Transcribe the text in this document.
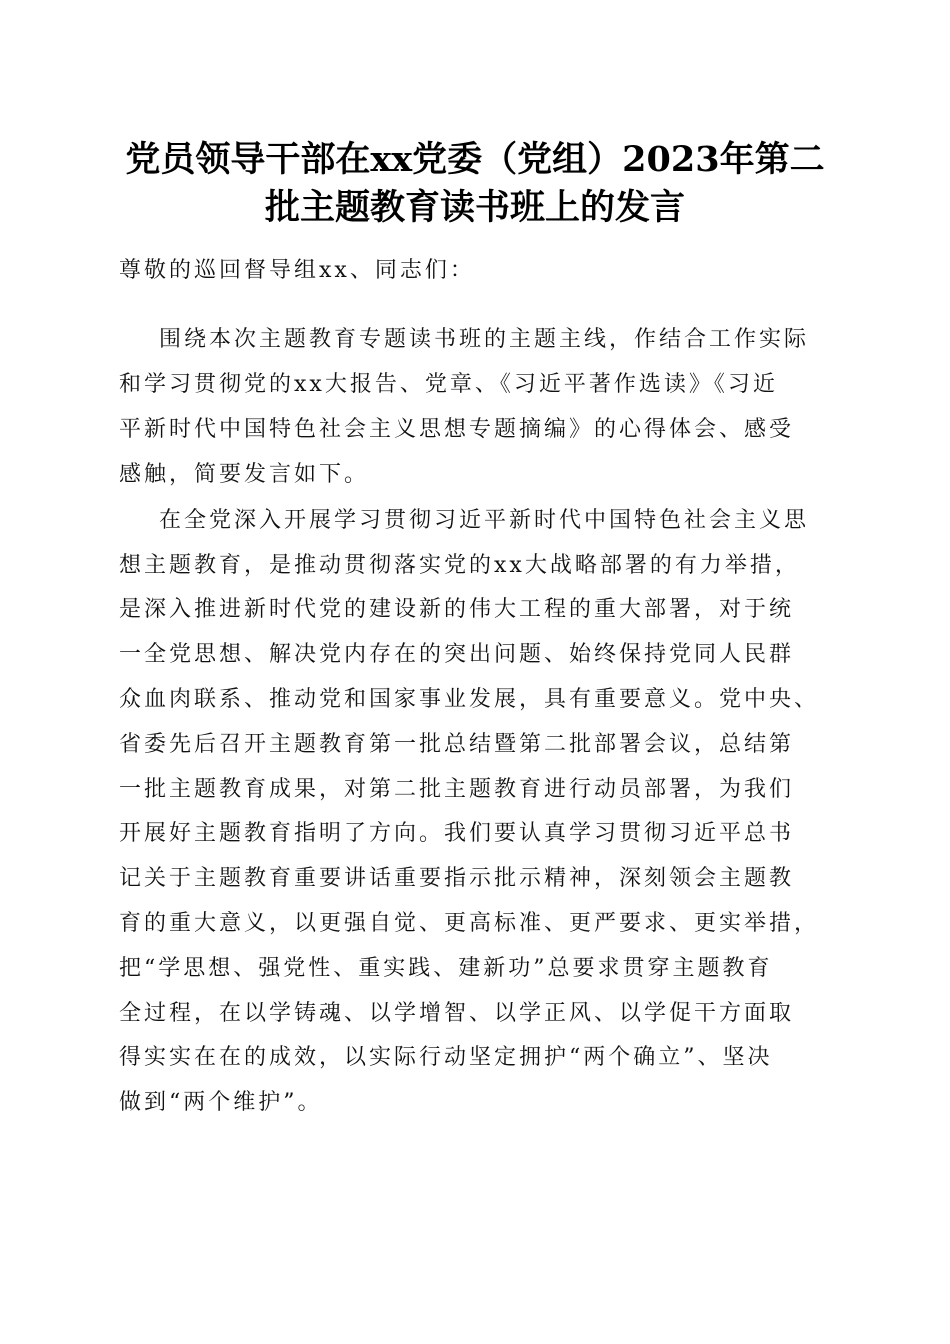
党员领导干部在xx党委（党组）2023年第二
批主题教育读书班上的发言
尊敬的巡回督导组xx、同志们：
围绕本次主题教育专题读书班的主题主线，作结合工作实际
和学习贯彻党的xx大报告、党章、《习近平著作选读》《习近
平新时代中国特色社会主义思想专题摘编》的心得体会、感受
感触，简要发言如下。
在全党深入开展学习贯彻习近平新时代中国特色社会主义思
想主题教育，是推动贯彻落实党的xx大战略部署的有力举措，
是深入推进新时代党的建设新的伟大工程的重大部署，对于统
一全党思想、解决党内存在的突出问题、始终保持党同人民群
众血肉联系、推动党和国家事业发展，具有重要意义。党中央、
省委先后召开主题教育第一批总结暨第二批部署会议，总结第
一批主题教育成果，对第二批主题教育进行动员部署，为我们
开展好主题教育指明了方向。我们要认真学习贯彻习近平总书
记关于主题教育重要讲话重要指示批示精神，深刻领会主题教
育的重大意义，以更强自觉、更高标准、更严要求、更实举措，
把“学思想、强党性、重实践、建新功”总要求贯穿主题教育
全过程，在以学铸魂、以学增智、以学正风、以学促干方面取
得实实在在的成效，以实际行动坚定拥护“两个确立”、坚决
做到“两个维护”。
